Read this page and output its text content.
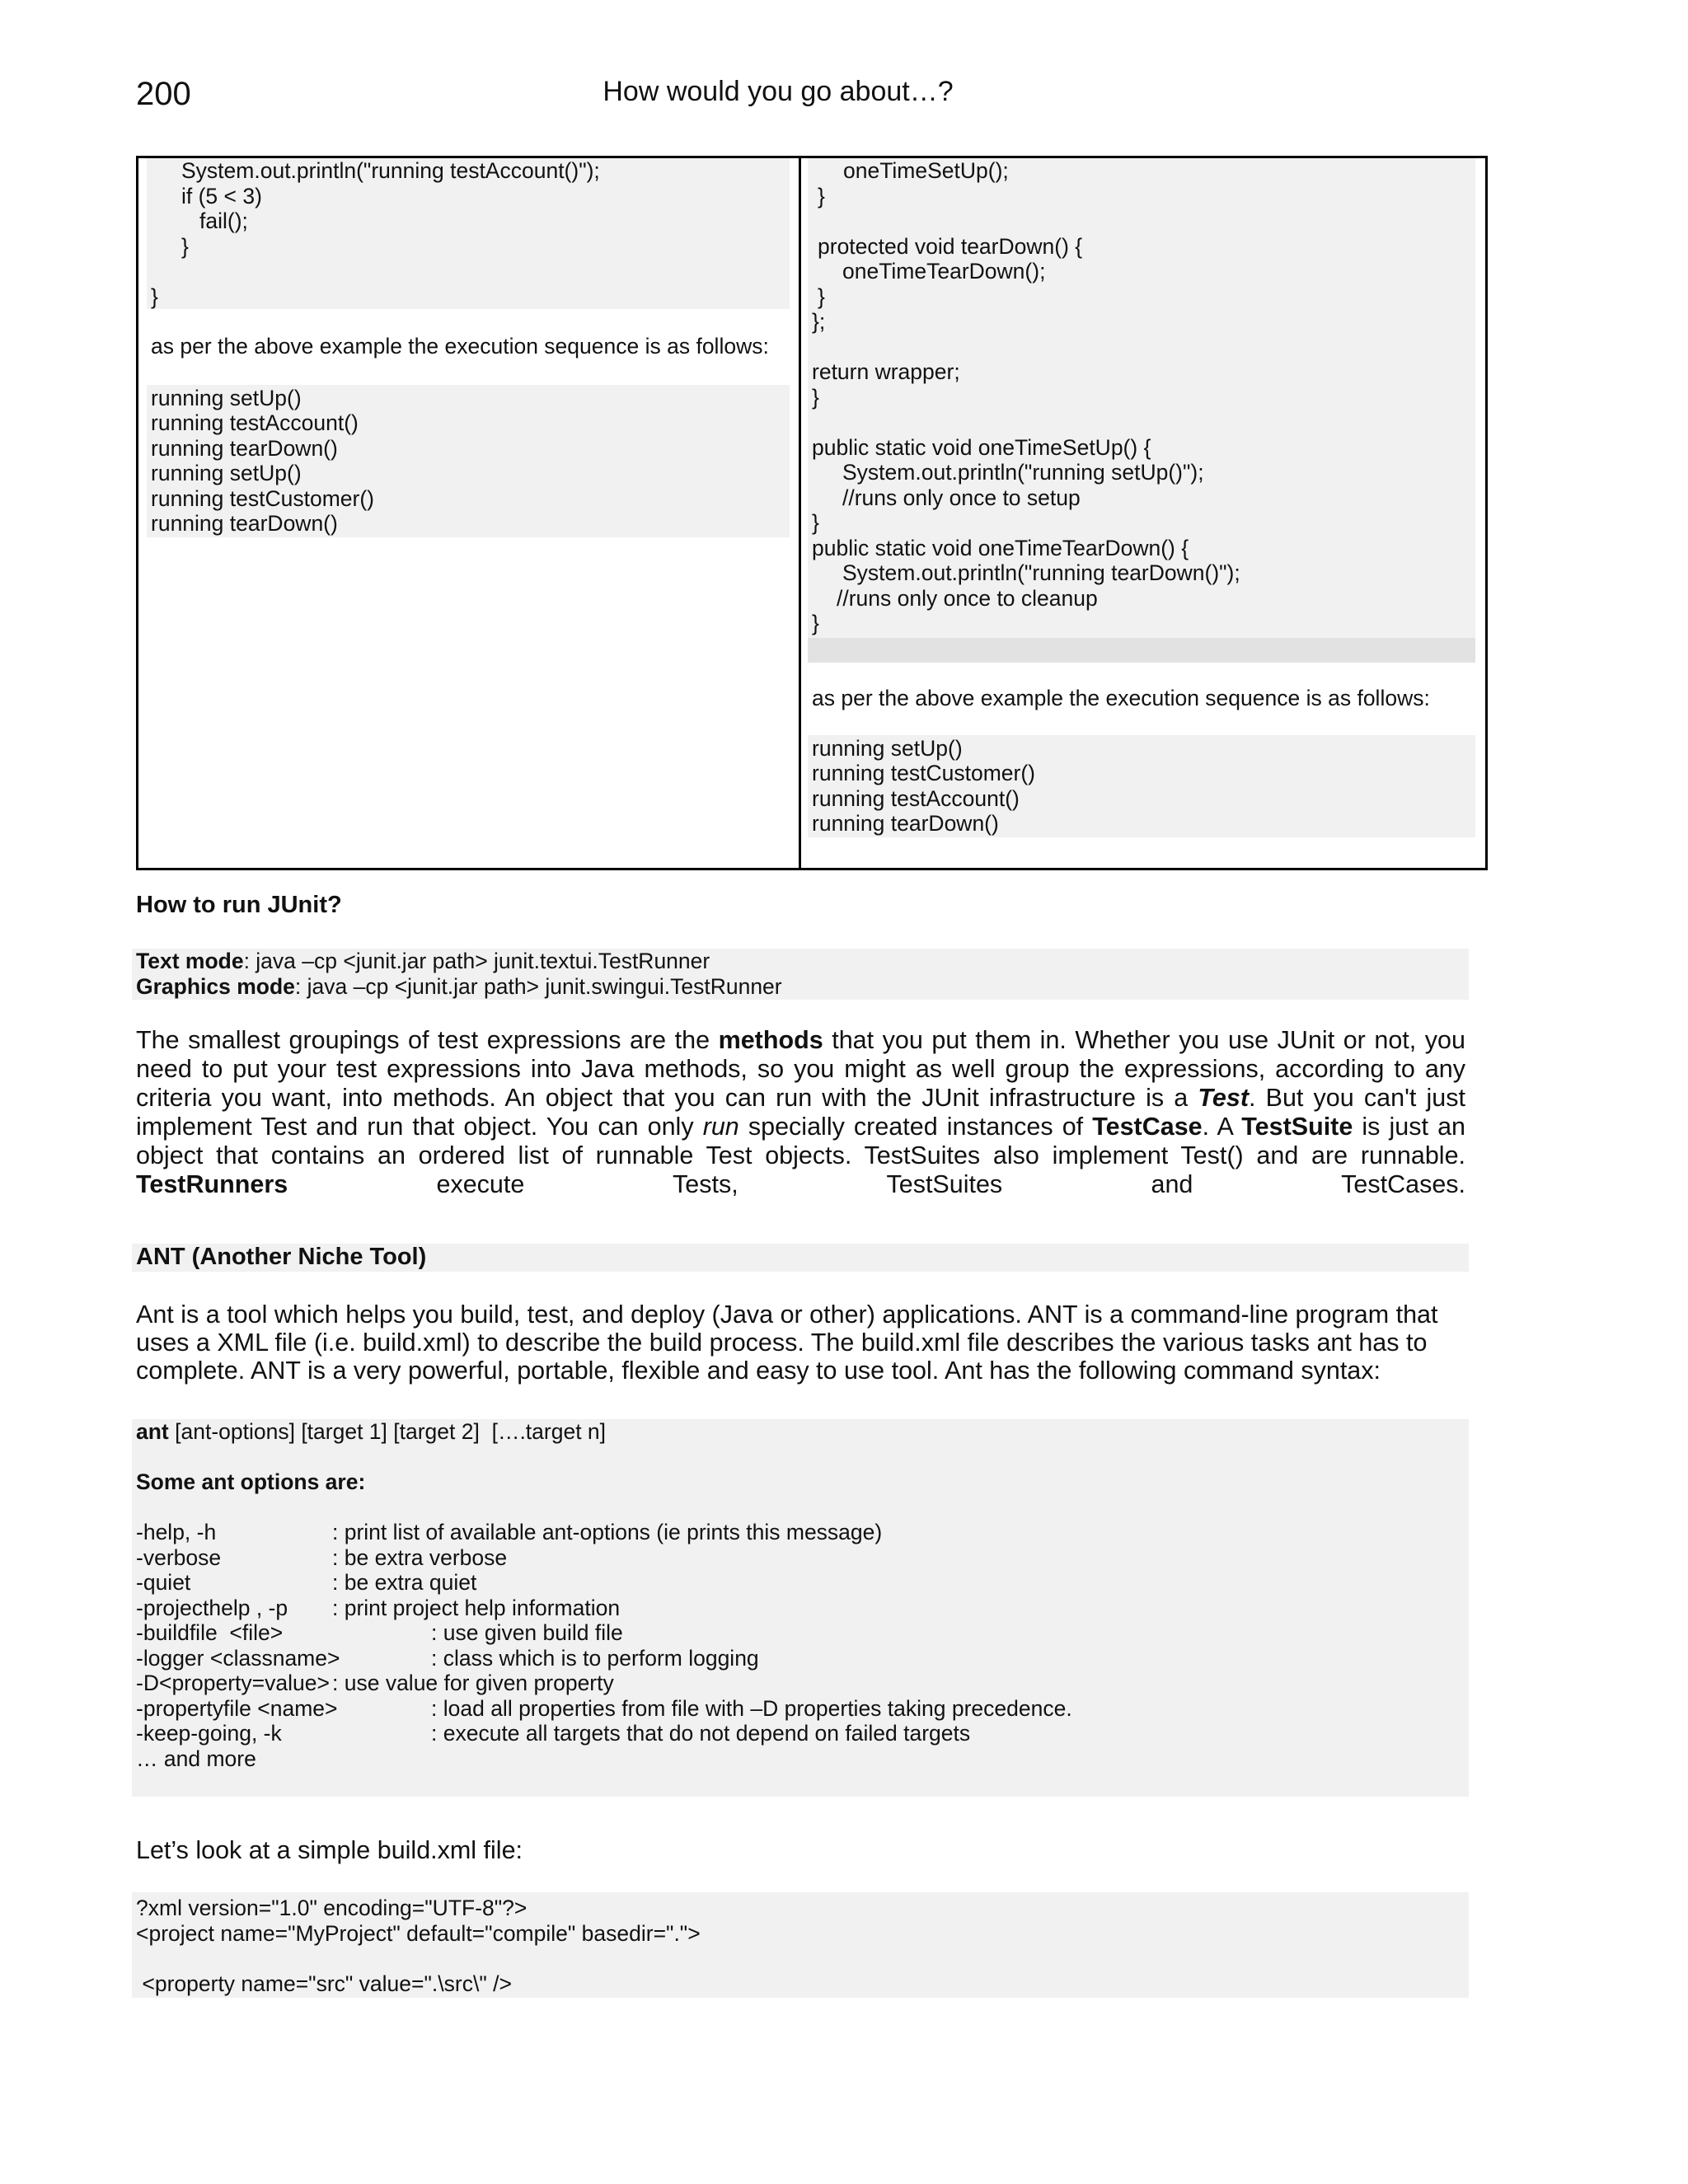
200	How would you go about…?
System.out.println("running testAccount()");
if (5 < 3)
fail();
}
}
as per the above example the execution sequence is as follows:
running setUp()
running testAccount()
running tearDown()
running setUp()
running testCustomer()
running tearDown()
oneTimeSetUp();
}
protected void tearDown() {
oneTimeTearDown();
}
};
return wrapper;
}
public static void oneTimeSetUp() {
System.out.println("running setUp()");
//runs only once to setup
}
public static void oneTimeTearDown() {
System.out.println("running tearDown()");
//runs only once to cleanup
}
as per the above example the execution sequence is as follows:
running setUp()
running testCustomer()
running testAccount()
running tearDown()
How to run JUnit?
Text mode: java –cp <junit.jar path> junit.textui.TestRunner
Graphics mode: java –cp <junit.jar path> junit.swingui.TestRunner
The smallest groupings of test expressions are the methods that you put them in. Whether you use JUnit or not, you need to put your test expressions into Java methods, so you might as well group the expressions, according to any criteria you want, into methods. An object that you can run with the JUnit infrastructure is a Test. But you can't just implement Test and run that object. You can only run specially created instances of TestCase. A TestSuite is just an object that contains an ordered list of runnable Test objects. TestSuites also implement Test() and are runnable. TestRunners execute Tests, TestSuites and TestCases.
ANT (Another Niche Tool)
Ant is a tool which helps you build, test, and deploy (Java or other) applications. ANT is a command-line program that
uses a XML file (i.e. build.xml) to describe the build process. The build.xml file describes the various tasks ant has to
complete. ANT is a very powerful, portable, flexible and easy to use tool. Ant has the following command syntax:
ant [ant-options] [target 1] [target 2]  [….target n]
Some ant options are:
-help, -h	: print list of available ant-options (ie prints this message)
-verbose	: be extra verbose
-quiet	: be extra quiet
-projecthelp , -p : print project help information
-buildfile  <file>	: use given build file
-logger <classname>	: class which is to perform logging
-D<property=value> : use value for given property
-propertyfile <name>	: load all properties from file with –D properties taking precedence.
-keep-going, -k	: execute all targets that do not depend on failed targets
… and more
Let’s look at a simple build.xml file:
?xml version="1.0" encoding="UTF-8"?>
<project name="MyProject" default="compile" basedir=".">
<property name="src" value=".\src\" />
